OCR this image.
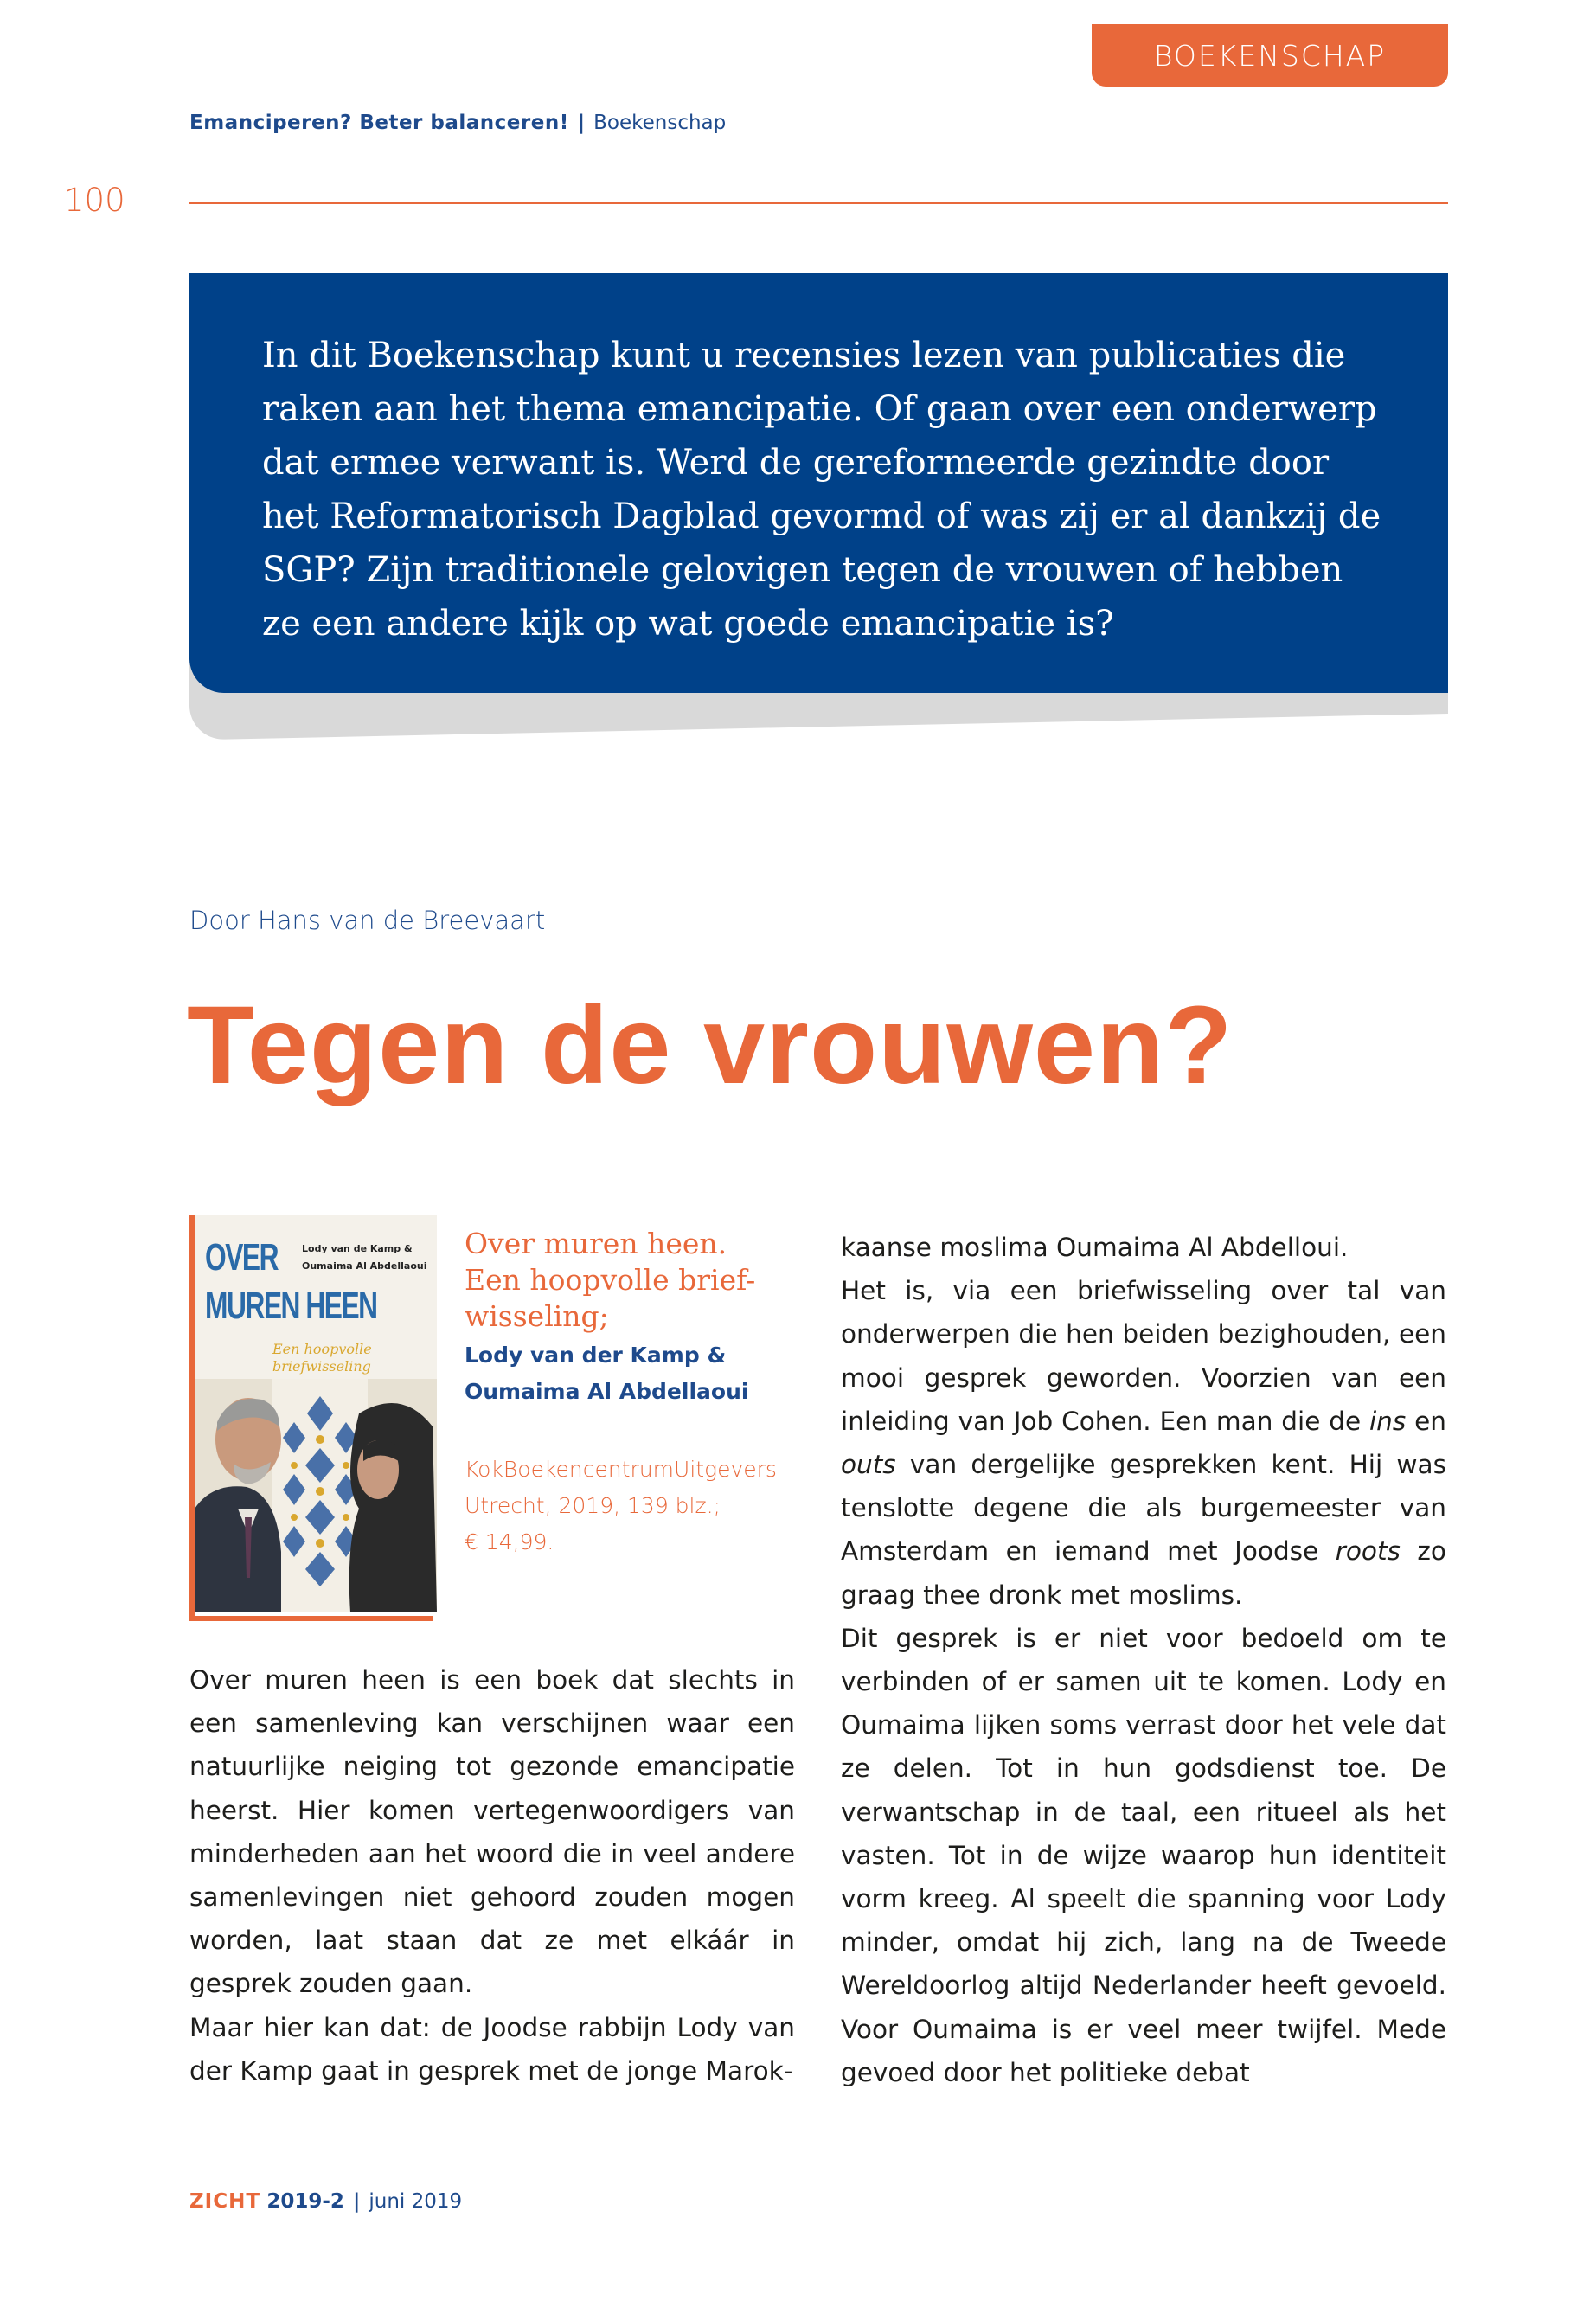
BOEKENSCHAP
Emanciperen? Beter balanceren! | Boekenschap
100

In dit Boekenschap kunt u recensies lezen van publicaties die raken aan het thema emancipatie. Of gaan over een onderwerp dat ermee verwant is. Werd de gereformeerde gezindte door het Reformatorisch Dagblad gevormd of was zij er al dankzij de SGP? Zijn traditionele gelovigen tegen de vrouwen of hebben ze een andere kijk op wat goede emancipatie is?

Door Hans van de Breevaart
Tegen de vrouwen?
OVER
MUREN HEEN
Lody van de Kamp &
Oumaima Al Abdellaoui
Een hoopvolle
briefwisseling
Over muren heen.
Een hoopvolle brief-
wisseling;
Lody van der Kamp &
Oumaima Al Abdellaoui
KokBoekencentrumUitgevers
Utrecht, 2019, 139 blz.;
€ 14,99.

Over muren heen is een boek dat slechts in een samenleving kan verschijnen waar een natuurlijke neiging tot gezonde emancipatie heerst. Hier komen vertegenwoordigers van minderheden aan het woord die in veel andere samenlevingen niet gehoord zouden mogen worden, laat staan dat ze met elkáár in gesprek zouden gaan.

Maar hier kan dat: de Joodse rabbijn Lody van der Kamp gaat in gesprek met de jonge Marok-

kaanse moslima Oumaima Al Abdelloui.

Het is, via een briefwisseling over tal van onderwerpen die hen beiden bezighouden, een mooi gesprek geworden. Voorzien van een inleiding van Job Cohen. Een man die de ins en outs van dergelijke gesprekken kent. Hij was tenslotte degene die als burgemeester van Amsterdam en iemand met Joodse roots zo graag thee dronk met moslims.

Dit gesprek is er niet voor bedoeld om te verbinden of er samen uit te komen. Lody en Oumaima lijken soms verrast door het vele dat ze delen. Tot in hun godsdienst toe. De verwantschap in de taal, een ritueel als het vasten. Tot in de wijze waarop hun identiteit vorm kreeg. Al speelt die spanning voor Lody minder, omdat hij zich, lang na de Tweede Wereldoorlog altijd Nederlander heeft gevoeld. Voor Oumaima is er veel meer twijfel. Mede gevoed door het politieke debat

ZICHT 2019-2 | juni 2019
